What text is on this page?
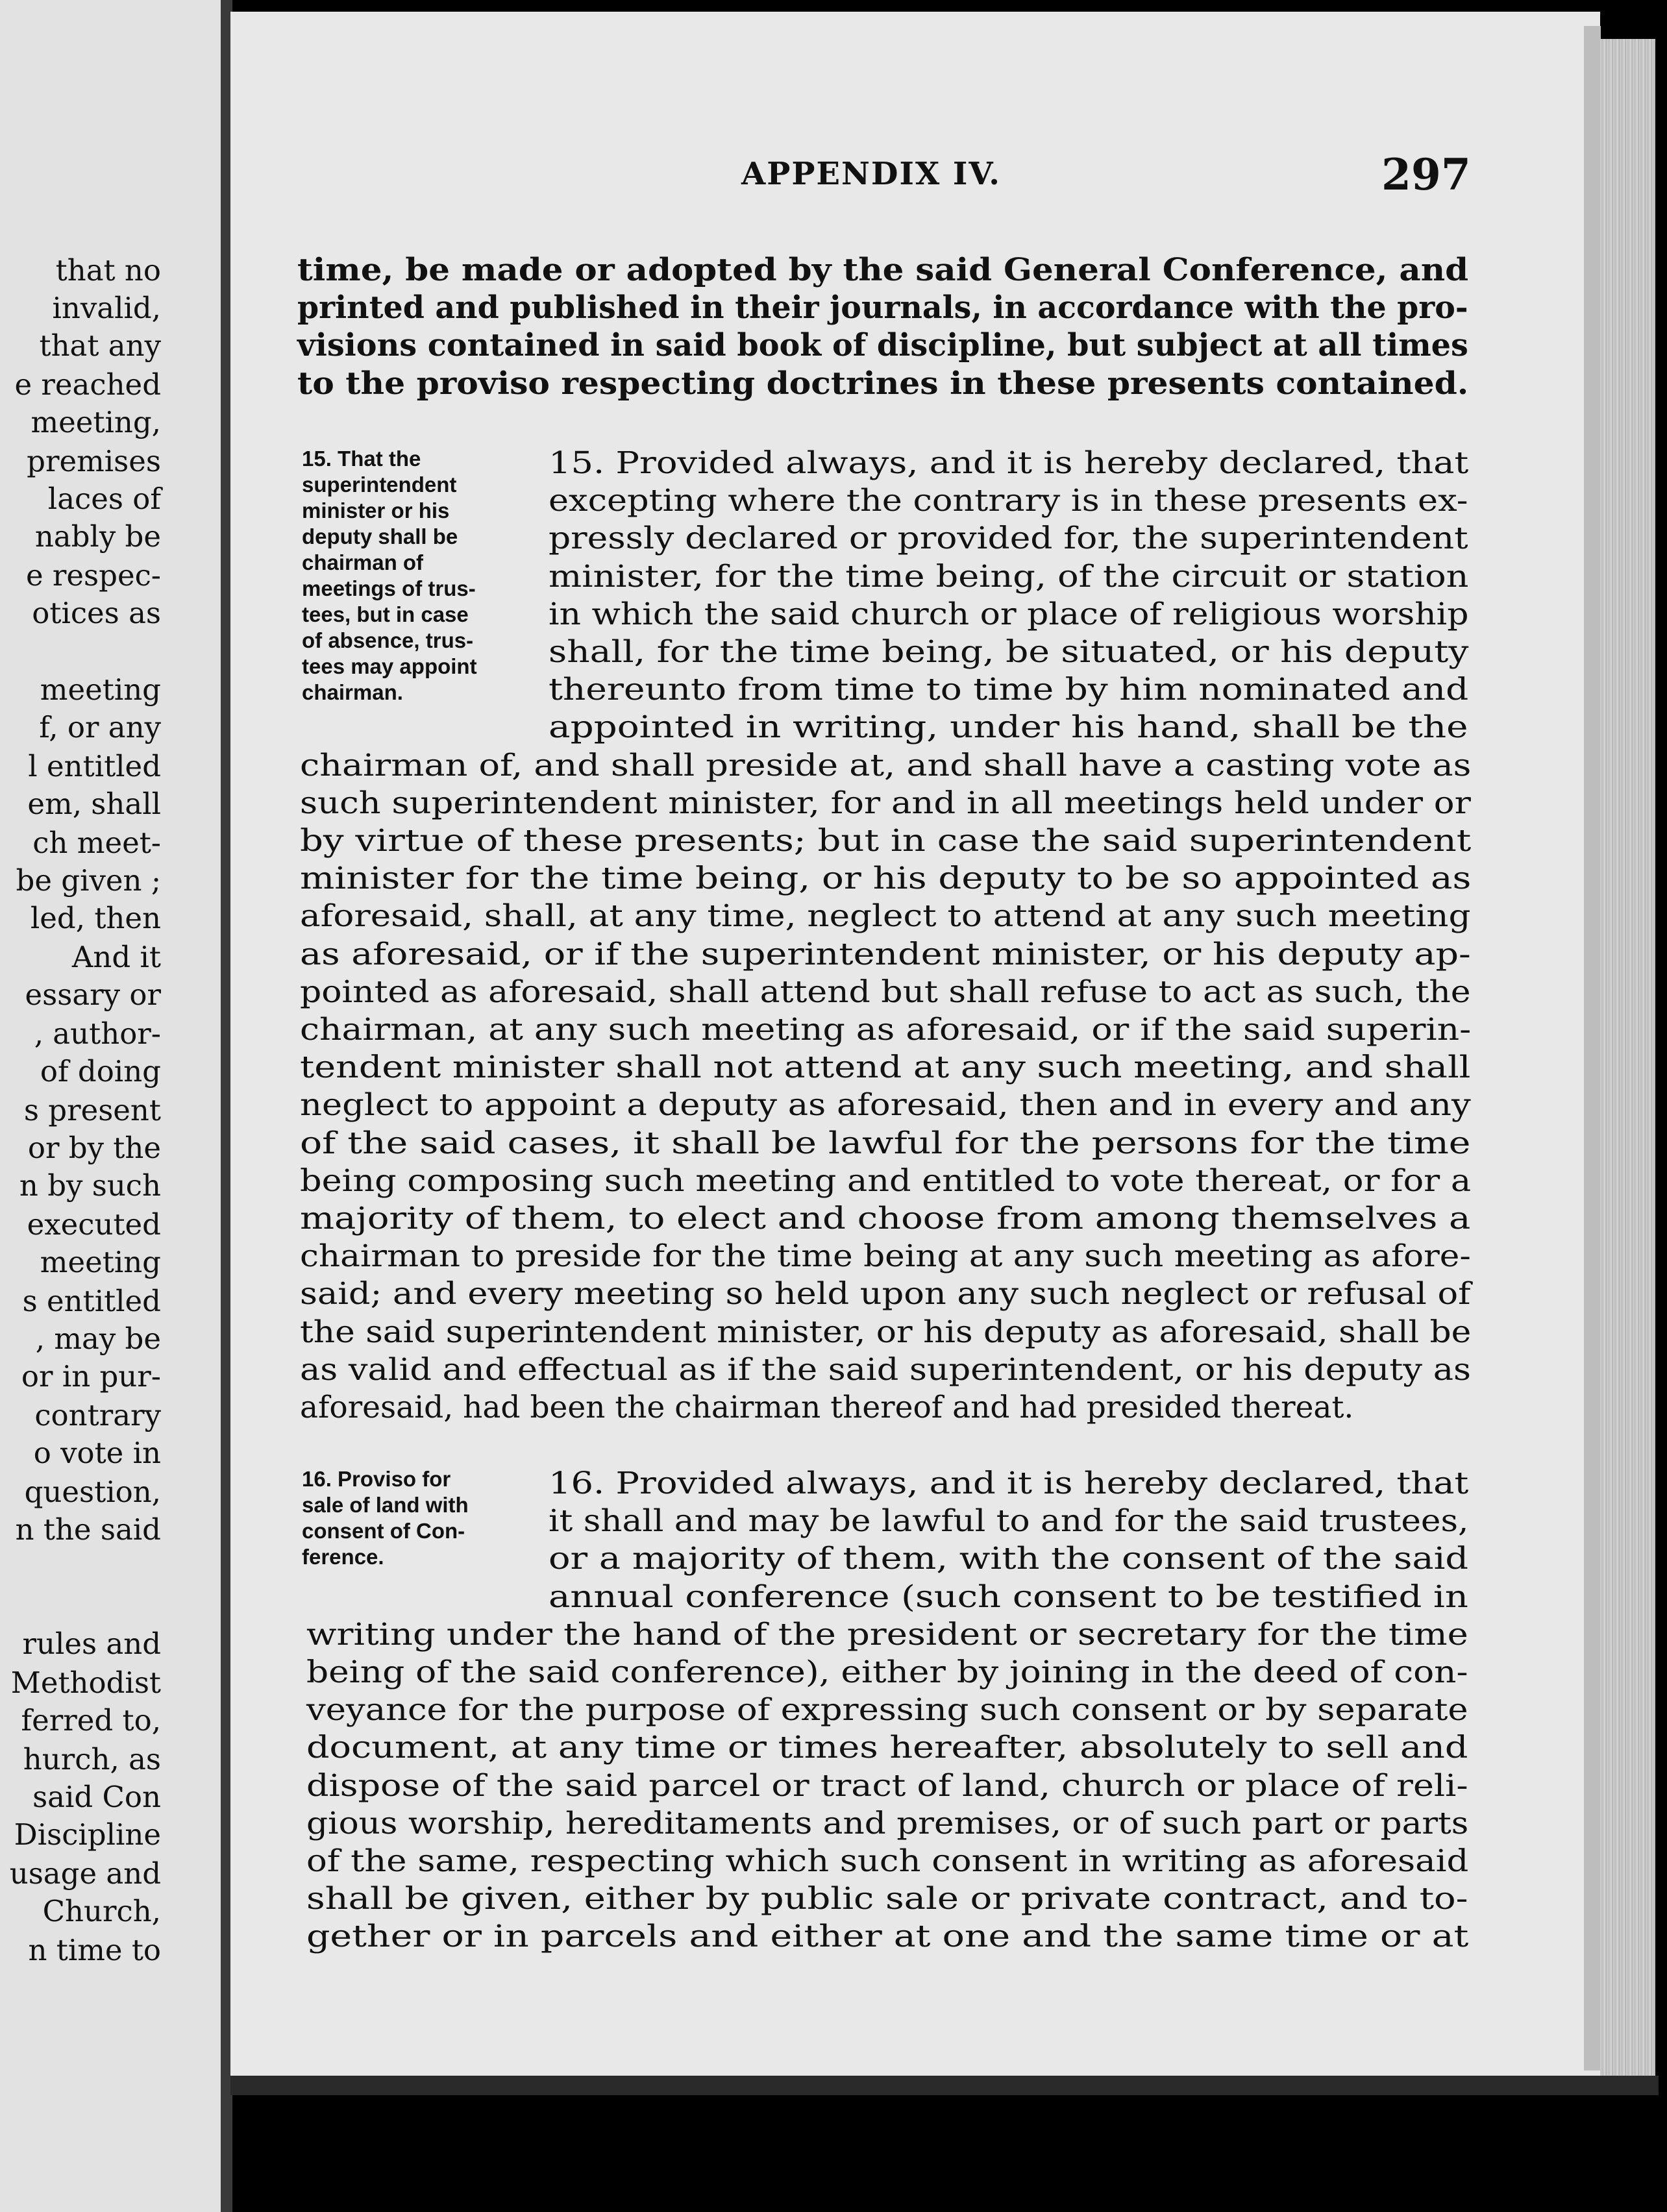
that no
invalid,
that any
e reached
meeting,
premises
laces of
nably be
e respec-
otices as
meeting
f, or any
l entitled
em, shall
ch meet-
be given ;
led, then
And it
essary or
, author-
of doing
s present
or by the
n by such
executed
meeting
s entitled
, may be
or in pur-
contrary
o vote in
question,
n the said
rules and
Methodist
ferred to,
hurch, as
said Con
Discipline
usage and
Church,
n time to
APPENDIX IV.	297
time, be made or adopted by the said General Conference, and
printed and published in their journals, in accordance with the pro-
visions contained in said book of discipline, but subject at all times
to the proviso respecting doctrines in these presents contained.
15. That the
superintendent
minister or his
deputy shall be
chairman of
meetings of trus-
tees, but in case
of absence, trus-
tees may appoint
chairman.
15. Provided always, and it is hereby declared, that
excepting where the contrary is in these presents ex-
pressly declared or provided for, the superintendent
minister, for the time being, of the circuit or station
in which the said church or place of religious worship
shall, for the time being, be situated, or his deputy
thereunto from time to time by him nominated and
appointed in writing, under his hand, shall be the
chairman of, and shall preside at, and shall have a casting vote as
such superintendent minister, for and in all meetings held under or
by virtue of these presents; but in case the said superintendent
minister for the time being, or his deputy to be so appointed as
aforesaid, shall, at any time, neglect to attend at any such meeting
as aforesaid, or if the superintendent minister, or his deputy ap-
pointed as aforesaid, shall attend but shall refuse to act as such, the
chairman, at any such meeting as aforesaid, or if the said superin-
tendent minister shall not attend at any such meeting, and shall
neglect to appoint a deputy as aforesaid, then and in every and any
of the said cases, it shall be lawful for the persons for the time
being composing such meeting and entitled to vote thereat, or for a
majority of them, to elect and choose from among themselves a
chairman to preside for the time being at any such meeting as afore-
said; and every meeting so held upon any such neglect or refusal of
the said superintendent minister, or his deputy as aforesaid, shall be
as valid and effectual as if the said superintendent, or his deputy as
aforesaid, had been the chairman thereof and had presided thereat.
16. Proviso for
sale of land with
consent of Con-
ference.
16. Provided always, and it is hereby declared, that
it shall and may be lawful to and for the said trustees,
or a majority of them, with the consent of the said
annual conference (such consent to be testified in
writing under the hand of the president or secretary for the time
being of the said conference), either by joining in the deed of con-
veyance for the purpose of expressing such consent or by separate
document, at any time or times hereafter, absolutely to sell and
dispose of the said parcel or tract of land, church or place of reli-
gious worship, hereditaments and premises, or of such part or parts
of the same, respecting which such consent in writing as aforesaid
shall be given, either by public sale or private contract, and to-
gether or in parcels and either at one and the same time or at
